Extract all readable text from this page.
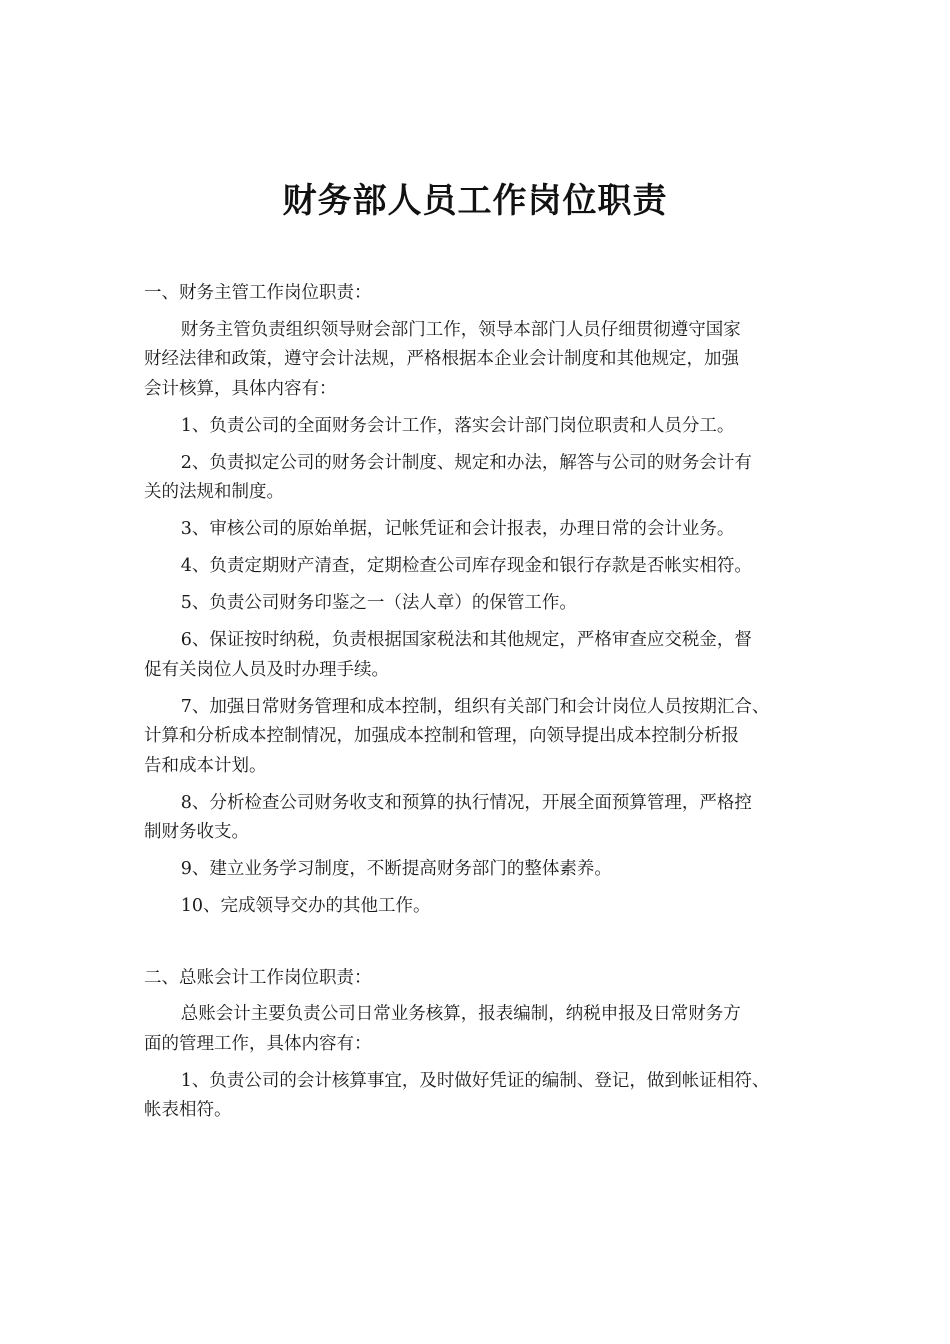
财务部人员工作岗位职责

一、财务主管工作岗位职责：

财务主管负责组织领导财会部门工作，领导本部门人员仔细贯彻遵守国家
财经法律和政策，遵守会计法规，严格根据本企业会计制度和其他规定，加强
会计核算，具体内容有：

1、负责公司的全面财务会计工作，落实会计部门岗位职责和人员分工。

2、负责拟定公司的财务会计制度、规定和办法，解答与公司的财务会计有
关的法规和制度。

3、审核公司的原始单据，记帐凭证和会计报表，办理日常的会计业务。

4、负责定期财产清查，定期检查公司库存现金和银行存款是否帐实相符。

5、负责公司财务印鉴之一（法人章）的保管工作。

6、保证按时纳税，负责根据国家税法和其他规定，严格审查应交税金，督
促有关岗位人员及时办理手续。

7、加强日常财务管理和成本控制，组织有关部门和会计岗位人员按期汇合、
计算和分析成本控制情况，加强成本控制和管理，向领导提出成本控制分析报
告和成本计划。

8、分析检查公司财务收支和预算的执行情况，开展全面预算管理，严格控
制财务收支。

9、建立业务学习制度，不断提高财务部门的整体素养。

10、完成领导交办的其他工作。

二、总账会计工作岗位职责：

总账会计主要负责公司日常业务核算，报表编制，纳税申报及日常财务方
面的管理工作，具体内容有：

1、负责公司的会计核算事宜，及时做好凭证的编制、登记，做到帐证相符、
帐表相符。
